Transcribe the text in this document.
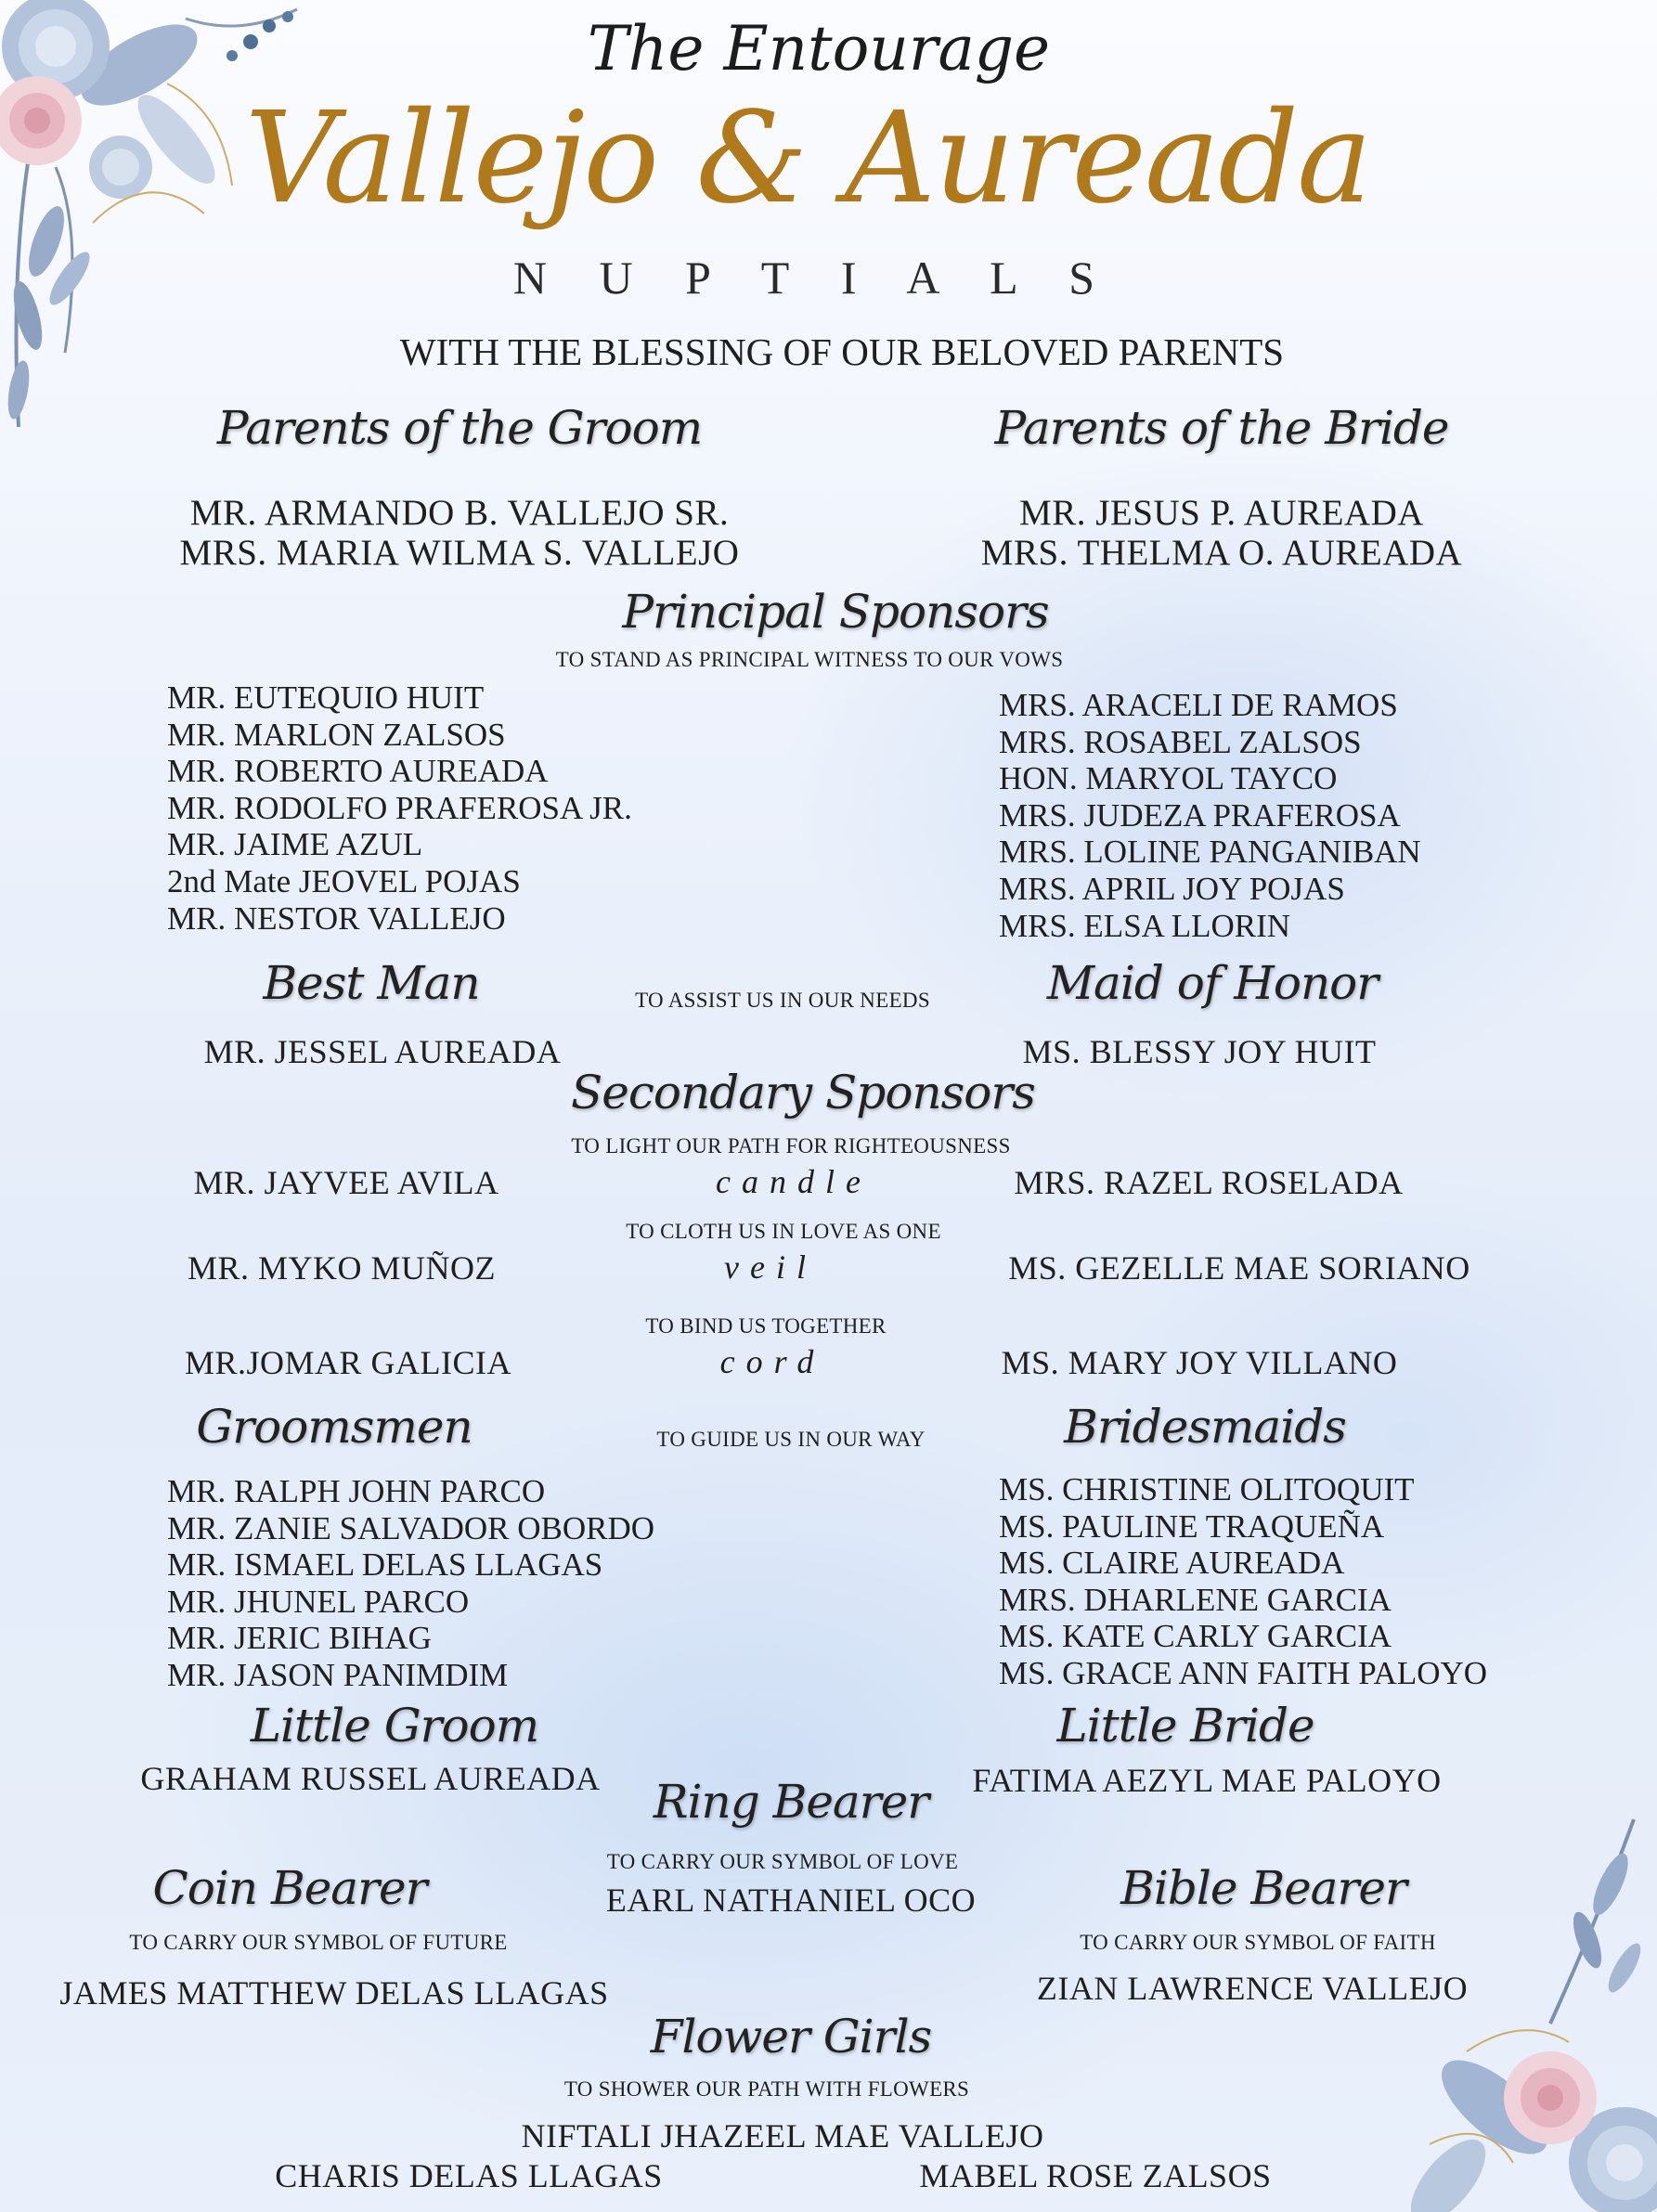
The Entourage
Vallejo & Aureada
N U P T I A L S
WITH THE BLESSING OF OUR BELOVED PARENTS
Parents of the Groom	Parents of the Bride
MR. ARMANDO B. VALLEJO SR.
MRS. MARIA WILMA S. VALLEJO
MR. JESUS P. AUREADA
MRS. THELMA O. AUREADA
Principal Sponsors
TO STAND AS PRINCIPAL WITNESS TO OUR VOWS
MR. EUTEQUIO HUIT
MR. MARLON ZALSOS
MR. ROBERTO AUREADA
MR. RODOLFO PRAFEROSA JR.
MR. JAIME AZUL
2nd Mate JEOVEL POJAS
MR. NESTOR VALLEJO
MRS. ARACELI DE RAMOS
MRS. ROSABEL ZALSOS
HON. MARYOL TAYCO
MRS. JUDEZA PRAFEROSA
MRS. LOLINE PANGANIBAN
MRS. APRIL JOY POJAS
MRS. ELSA LLORIN
Best Man	Maid of Honor
TO ASSIST US IN OUR NEEDS
MR. JESSEL AUREADA	MS. BLESSY JOY HUIT
Secondary Sponsors
TO LIGHT OUR PATH FOR RIGHTEOUSNESS
candle
MR. JAYVEE AVILA	MRS. RAZEL ROSELADA
TO CLOTH US IN LOVE AS ONE
veil
MR. MYKO MUÑOZ	MS. GEZELLE MAE SORIANO
TO BIND US TOGETHER
cord
MR.JOMAR GALICIA	MS. MARY JOY VILLANO
Groomsmen	Bridesmaids
TO GUIDE US IN OUR WAY
MR. RALPH JOHN PARCO
MR. ZANIE SALVADOR OBORDO
MR. ISMAEL DELAS LLAGAS
MR. JHUNEL PARCO
MR. JERIC BIHAG
MR. JASON PANIMDIM
MS. CHRISTINE OLITOQUIT
MS. PAULINE TRAQUEÑA
MS. CLAIRE AUREADA
MRS. DHARLENE GARCIA
MS. KATE CARLY GARCIA
MS. GRACE ANN FAITH PALOYO
Little Groom	Little Bride
GRAHAM RUSSEL AUREADA	FATIMA AEZYL MAE PALOYO
Ring Bearer
TO CARRY OUR SYMBOL OF LOVE
EARL NATHANIEL OCO
Coin Bearer
TO CARRY OUR SYMBOL OF FUTURE
JAMES MATTHEW DELAS LLAGAS
Bible Bearer
TO CARRY OUR SYMBOL OF FAITH
ZIAN LAWRENCE VALLEJO
Flower Girls
TO SHOWER OUR PATH WITH FLOWERS
NIFTALI JHAZEEL MAE VALLEJO
CHARIS DELAS LLAGAS	MABEL ROSE ZALSOS
